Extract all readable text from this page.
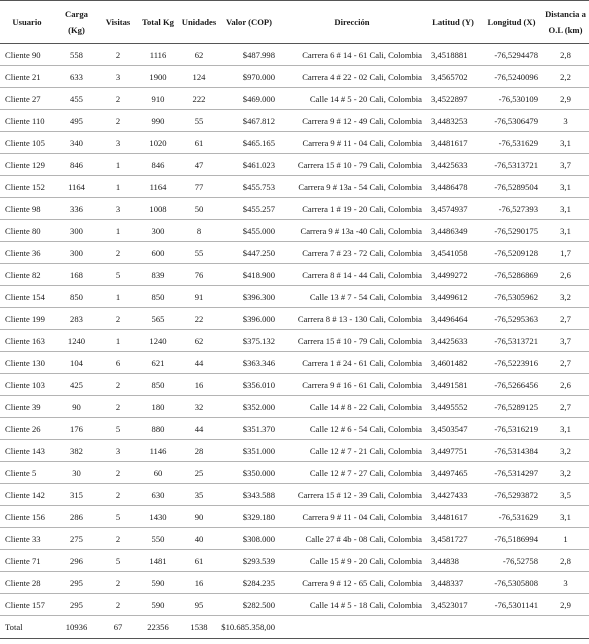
Usuario	Carga (Kg)	Visitas	Total Kg	Unidades	Valor (COP)	Dirección	Latitud (Y)	Longitud (X)	Distancia a
O.L (km)

Cliente 90	558	2	1116	62	$487.998	Carrera 6 # 14 - 61 Cali, Colombia	3,4518881	-76,5294478	2,8
Cliente 21	633	3	1900	124	$970.000	Carrera 4 # 22 - 02 Cali, Colombia	3,4565702	-76,5240096	2,2
Cliente 27	455	2	910	222	$469.000	Calle 14 # 5 - 20 Cali, Colombia	3,4522897	-76,530109	2,9
Cliente 110	495	2	990	55	$467.812	Carrera 9 # 12 - 49 Cali, Colombia	3,4483253	-76,5306479	3
Cliente 105	340	3	1020	61	$465.165	Carrera 9 # 11 - 04 Cali, Colombia	3,4481617	-76,531629	3,1
Cliente 129	846	1	846	47	$461.023	Carrera 15 # 10 - 79 Cali, Colombia	3,4425633	-76,5313721	3,7
Cliente 152	1164	1	1164	77	$455.753	Carrera 9 # 13a - 54 Cali, Colombia	3,4486478	-76,5289504	3,1
Cliente 98	336	3	1008	50	$455.257	Carrera 1 # 19 - 20 Cali, Colombia	3,4574937	-76,527393	3,1
Cliente 80	300	1	300	8	$455.000	Carrera 9 # 13a -40 Cali, Colombia	3,4486349	-76,5290175	3,1
Cliente 36	300	2	600	55	$447.250	Carrera 7 # 23 - 72 Cali, Colombia	3,4541058	-76,5209128	1,7
Cliente 82	168	5	839	76	$418.900	Carrera 8 # 14 - 44 Cali, Colombia	3,4499272	-76,5286869	2,6
Cliente 154	850	1	850	91	$396.300	Calle 13 # 7 - 54 Cali, Colombia	3,4499612	-76,5305962	3,2
Cliente 199	283	2	565	22	$396.000	Carrera 8 # 13 - 130 Cali, Colombia	3,4496464	-76,5295363	2,7
Cliente 163	1240	1	1240	62	$375.132	Carrera 15 # 10 - 79 Cali, Colombia	3,4425633	-76,5313721	3,7
Cliente 130	104	6	621	44	$363.346	Carrera 1 # 24 - 61 Cali, Colombia	3,4601482	-76,5223916	2,7
Cliente 103	425	2	850	16	$356.010	Carrera 9 # 16 - 61 Cali, Colombia	3,4491581	-76,5266456	2,6
Cliente 39	90	2	180	32	$352.000	Calle 14 # 8 - 22 Cali, Colombia	3,4495552	-76,5289125	2,7
Cliente 26	176	5	880	44	$351.370	Calle 12 # 6 - 54 Cali, Colombia	3,4503547	-76,5316219	3,1
Cliente 143	382	3	1146	28	$351.000	Calle 12 # 7 - 21 Cali, Colombia	3,4497751	-76,5314384	3,2
Cliente 5	30	2	60	25	$350.000	Calle 12 # 7 - 27 Cali, Colombia	3,4497465	-76,5314297	3,2
Cliente 142	315	2	630	35	$343.588	Carrera 15 # 12 - 39 Cali, Colombia	3,4427433	-76,5293872	3,5
Cliente 156	286	5	1430	90	$329.180	Carrera 9 # 11 - 04 Cali, Colombia	3,4481617	-76,531629	3,1
Cliente 33	275	2	550	40	$308.000	Calle 27 # 4b - 08 Cali, Colombia	3,4581727	-76,5186994	1
Cliente 71	296	5	1481	61	$293.539	Calle 15 # 9 - 20 Cali, Colombia	3,44838	-76,52758	2,8
Cliente 28	295	2	590	16	$284.235	Carrera 9 # 12 - 65 Cali, Colombia	3,448337	-76,5305808	3
Cliente 157	295	2	590	95	$282.500	Calle 14 # 5 - 18 Cali, Colombia	3,4523017	-76,5301141	2,9
Total	10936	67	22356	1538	$10.685.358,00				
